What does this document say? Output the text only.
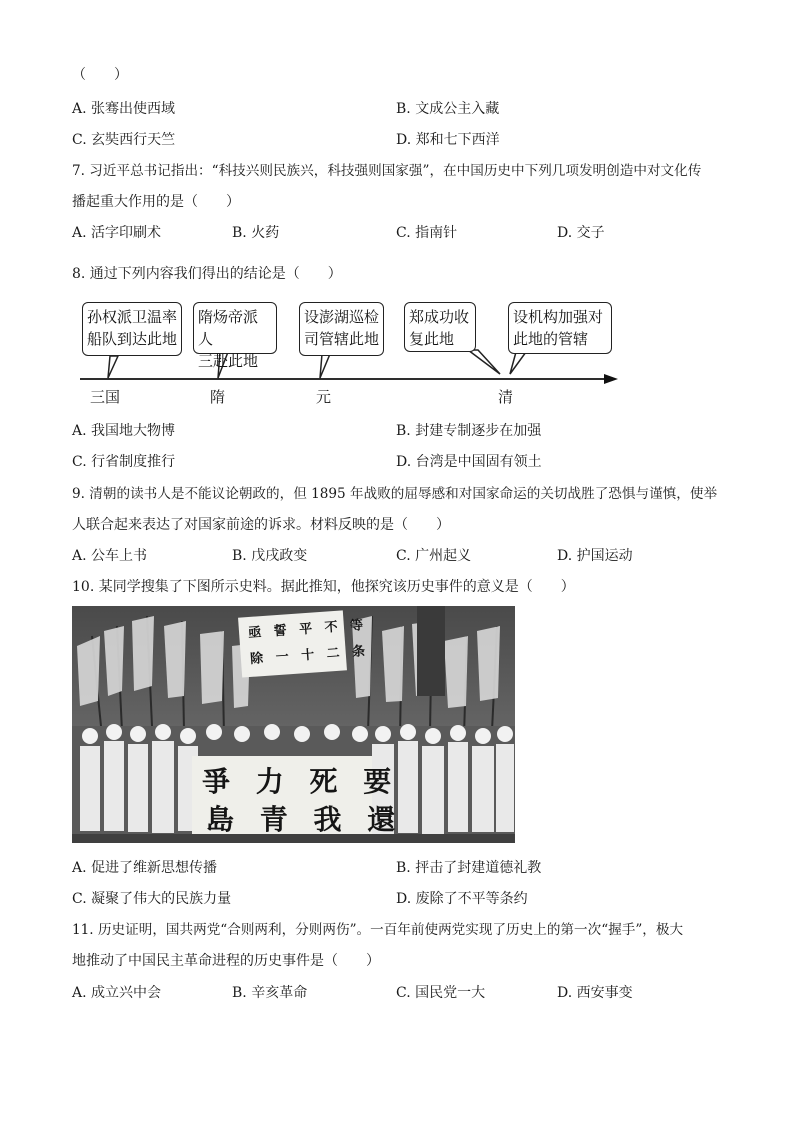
（　　）
A. 张骞出使西域	B. 文成公主入藏
C. 玄奘西行天竺	D. 郑和七下西洋
7. 习近平总书记指出：“科技兴则民族兴，科技强则国家强”，在中国历史中下列几项发明创造中对文化传
播起重大作用的是（　　）
A. 活字印刷术	B. 火药	C. 指南针	D. 交子
8. 通过下列内容我们得出的结论是（　　）
孙权派卫温率
船队到达此地
隋炀帝派人
三赴此地
设澎湖巡检
司管辖此地
郑成功收
复此地
设机构加强对
此地的管辖
三国	隋	元	清
A. 我国地大物博	B. 封建专制逐步在加强
C. 行省制度推行	D. 台湾是中国固有领土
9. 清朝的读书人是不能议论朝政的，但 1895 年战败的屈辱感和对国家命运的关切战胜了恐惧与谨慎，使举
人联合起来表达了对国家前途的诉求。材料反映的是（　　）
A. 公车上书	B. 戊戌政变	C. 广州起义	D. 护国运动
10. 某同学搜集了下图所示史料。据此推知，他探究该历史事件的意义是（　　）
亟 誓 平 不 等
除 一 十 二 条
爭 力 死 要
島 青 我 還
A. 促进了维新思想传播	B. 抨击了封建道德礼教
C. 凝聚了伟大的民族力量	D. 废除了不平等条约
11. 历史证明，国共两党“合则两利，分则两伤”。一百年前使两党实现了历史上的第一次“握手”，极大
地推动了中国民主革命进程的历史事件是（　　）
A. 成立兴中会	B. 辛亥革命	C. 国民党一大	D. 西安事变
